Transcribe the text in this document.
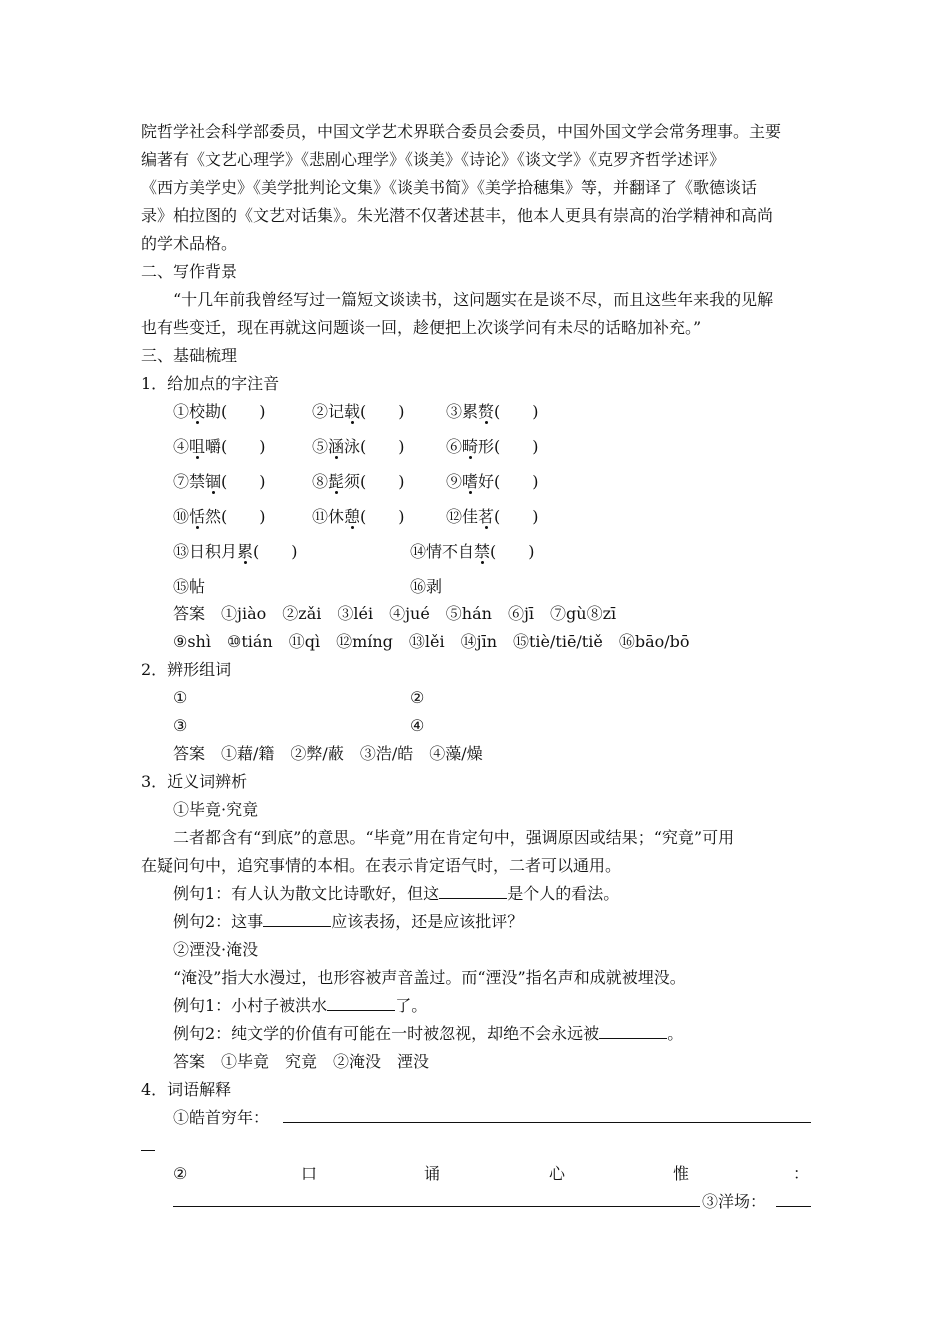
院哲学社会科学部委员，中国文学艺术界联合委员会委员，中国外国文学会常务理事。主要
编著有《文艺心理学》《悲剧心理学》《谈美》《诗论》《谈文学》《克罗齐哲学述评》
《西方美学史》《美学批判论文集》《谈美书简》《美学拾穗集》等，并翻译了《歌德谈话
录》柏拉图的《文艺对话集》。朱光潜不仅著述甚丰，他本人更具有崇高的治学精神和高尚
的学术品格。
二、写作背景
“十几年前我曾经写过一篇短文谈读书，这问题实在是谈不尽，而且这些年来我的见解
也有些变迁，现在再就这问题谈一回，趁便把上次谈学问有未尽的话略加补充。”
三、基础梳理
1．给加点的字注音
①校勘(　　)	②记载(　　)	③累赘(　　)
④咀嚼(　　)	⑤涵泳(　　)	⑥畸形(　　)
⑦禁锢(　　)	⑧髭须(　　)	⑨嗜好(　　)
⑩恬然(　　)	⑪休憩(　　)	⑫佳茗(　　)
⑬日积月累(　　)	⑭情不自禁(　　)
⑮帖	⑯剥
答案　 ①jiào　②zǎi　③léi　④jué　⑤hán　⑥jī　⑦gù⑧zī
⑨shì　⑩tián　⑪qì　⑫míng　⑬lěi　⑭jīn　⑮tiè/tiē/tiě　⑯bāo/bō
2．辨形组词
①	②
③	④
答案　 ①藉/籍　②弊/蔽　③浩/皓　④藻/燥
3．近义词辨析
①毕竟·究竟
二者都含有“到底”的意思。“毕竟”用在肯定句中，强调原因或结果；“究竟”可用
在疑问句中，追究事情的本相。在表示肯定语气时，二者可以通用。
例句1：有人认为散文比诗歌好，但这	是个人的看法。
例句2：这事	应该表扬，还是应该批评？
②湮没·淹没
“淹没”指大水漫过，也形容被声音盖过。而“湮没”指名声和成就被埋没。
例句1：小村子被洪水	了。
例句2：纯文学的价值有可能在一时被忽视，却绝不会永远被	。
答案　 ①毕竟　究竟　②淹没　湮没
4．词语解释
①皓首穷年：
②	口	诵	心	惟	：
③洋场：
